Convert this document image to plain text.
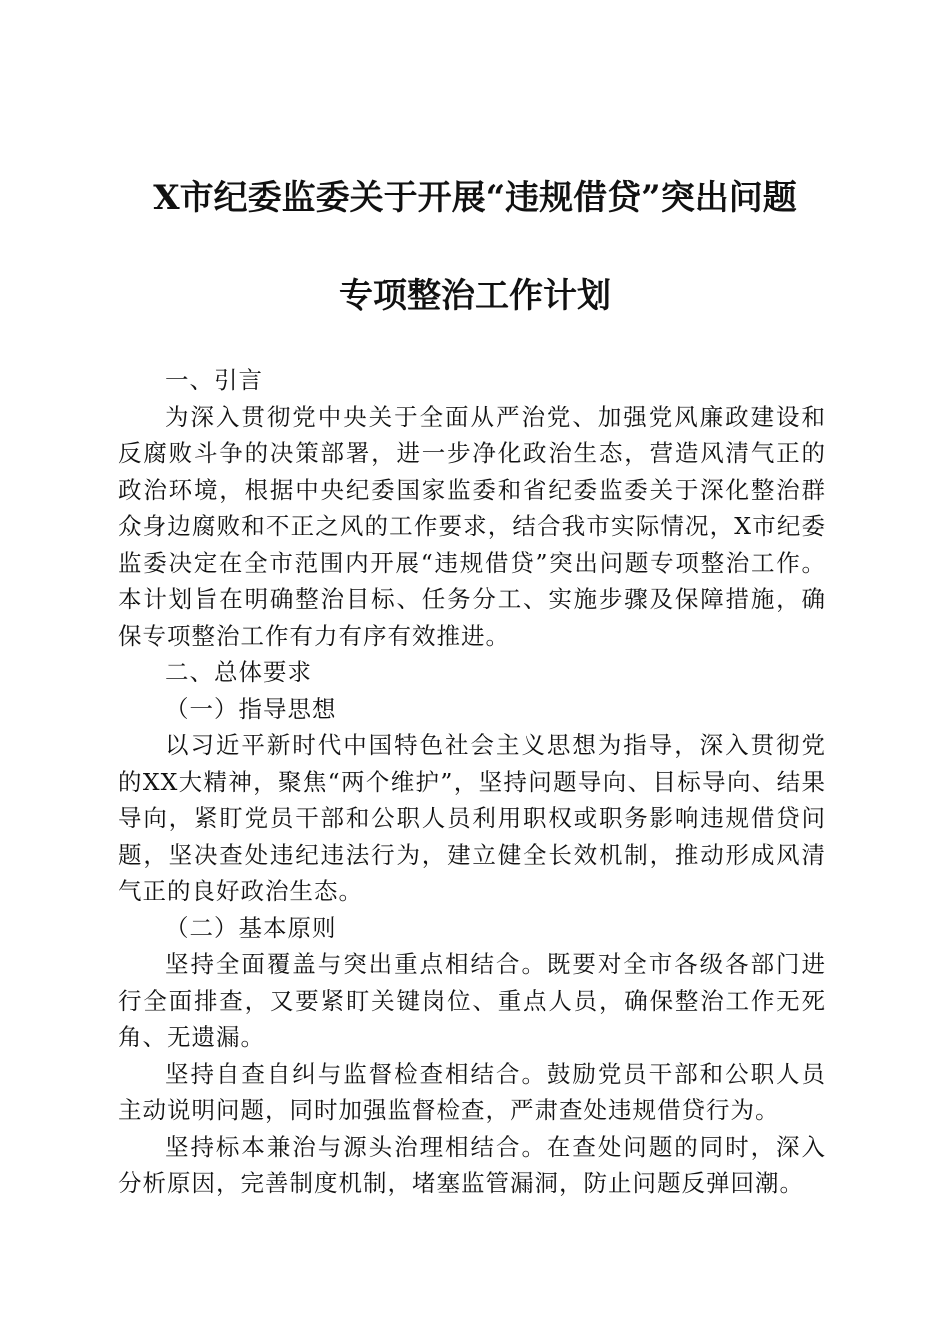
X市纪委监委关于开展“违规借贷”突出问题
专项整治工作计划

一、引言

为深入贯彻党中央关于全面从严治党、加强党风廉政建设和反腐败斗争的决策部署，进一步净化政治生态，营造风清气正的政治环境，根据中央纪委国家监委和省纪委监委关于深化整治群众身边腐败和不正之风的工作要求，结合我市实际情况，X市纪委监委决定在全市范围内开展“违规借贷”突出问题专项整治工作。本计划旨在明确整治目标、任务分工、实施步骤及保障措施，确保专项整治工作有力有序有效推进。

二、总体要求

（一）指导思想

以习近平新时代中国特色社会主义思想为指导，深入贯彻党的XX大精神，聚焦“两个维护”，坚持问题导向、目标导向、结果导向，紧盯党员干部和公职人员利用职权或职务影响违规借贷问题，坚决查处违纪违法行为，建立健全长效机制，推动形成风清气正的良好政治生态。

（二）基本原则

坚持全面覆盖与突出重点相结合。既要对全市各级各部门进行全面排查，又要紧盯关键岗位、重点人员，确保整治工作无死角、无遗漏。

坚持自查自纠与监督检查相结合。鼓励党员干部和公职人员主动说明问题，同时加强监督检查，严肃查处违规借贷行为。

坚持标本兼治与源头治理相结合。在查处问题的同时，深入分析原因，完善制度机制，堵塞监管漏洞，防止问题反弹回潮。
